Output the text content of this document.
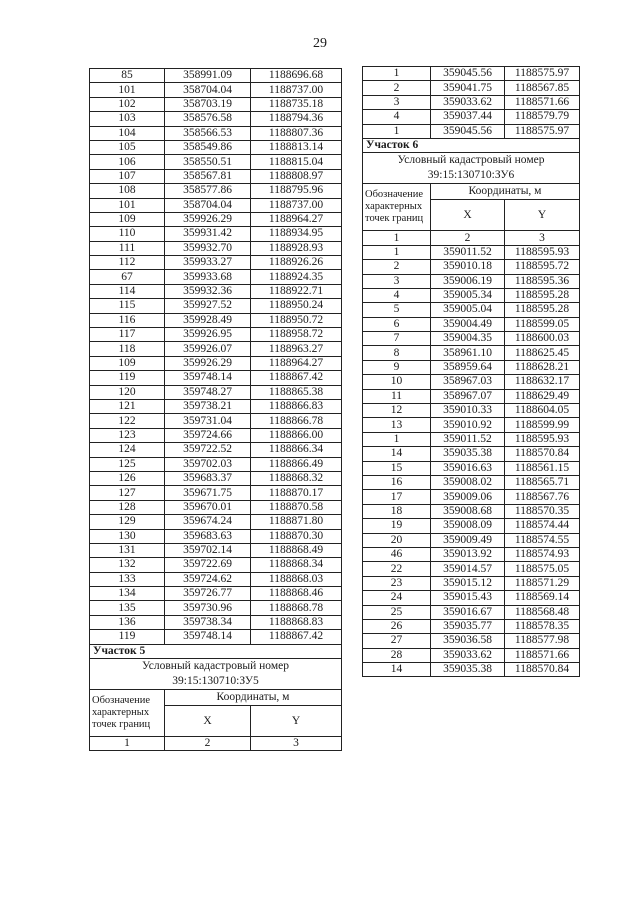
29
85	358991.09	1188696.68
101	358704.04	1188737.00
102	358703.19	1188735.18
103	358576.58	1188794.36
104	358566.53	1188807.36
105	358549.86	1188813.14
106	358550.51	1188815.04
107	358567.81	1188808.97
108	358577.86	1188795.96
101	358704.04	1188737.00
109	359926.29	1188964.27
110	359931.42	1188934.95
111	359932.70	1188928.93
112	359933.27	1188926.26
67	359933.68	1188924.35
114	359932.36	1188922.71
115	359927.52	1188950.24
116	359928.49	1188950.72
117	359926.95	1188958.72
118	359926.07	1188963.27
109	359926.29	1188964.27
119	359748.14	1188867.42
120	359748.27	1188865.38
121	359738.21	1188866.83
122	359731.04	1188866.78
123	359724.66	1188866.00
124	359722.52	1188866.34
125	359702.03	1188866.49
126	359683.37	1188868.32
127	359671.75	1188870.17
128	359670.01	1188870.58
129	359674.24	1188871.80
130	359683.63	1188870.30
131	359702.14	1188868.49
132	359722.69	1188868.34
133	359724.62	1188868.03
134	359726.77	1188868.46
135	359730.96	1188868.78
136	359738.34	1188868.83
119	359748.14	1188867.42
Участок 5		
Условный кадастровый номер
39:15:130710:ЗУ5		
Обозначение
характерных
точек границ	Координаты, м	
	X	Y
1	2	3
1	359045.56	1188575.97
2	359041.75	1188567.85
3	359033.62	1188571.66
4	359037.44	1188579.79
1	359045.56	1188575.97
Участок 6		
Условный кадастровый номер
39:15:130710:ЗУ6		
Обозначение
характерных
точек границ	Координаты, м	
	X	Y
1	2	3
1	359011.52	1188595.93
2	359010.18	1188595.72
3	359006.19	1188595.36
4	359005.34	1188595.28
5	359005.04	1188595.28
6	359004.49	1188599.05
7	359004.35	1188600.03
8	358961.10	1188625.45
9	358959.64	1188628.21
10	358967.03	1188632.17
11	358967.07	1188629.49
12	359010.33	1188604.05
13	359010.92	1188599.99
1	359011.52	1188595.93
14	359035.38	1188570.84
15	359016.63	1188561.15
16	359008.02	1188565.71
17	359009.06	1188567.76
18	359008.68	1188570.35
19	359008.09	1188574.44
20	359009.49	1188574.55
46	359013.92	1188574.93
22	359014.57	1188575.05
23	359015.12	1188571.29
24	359015.43	1188569.14
25	359016.67	1188568.48
26	359035.77	1188578.35
27	359036.58	1188577.98
28	359033.62	1188571.66
14	359035.38	1188570.84
